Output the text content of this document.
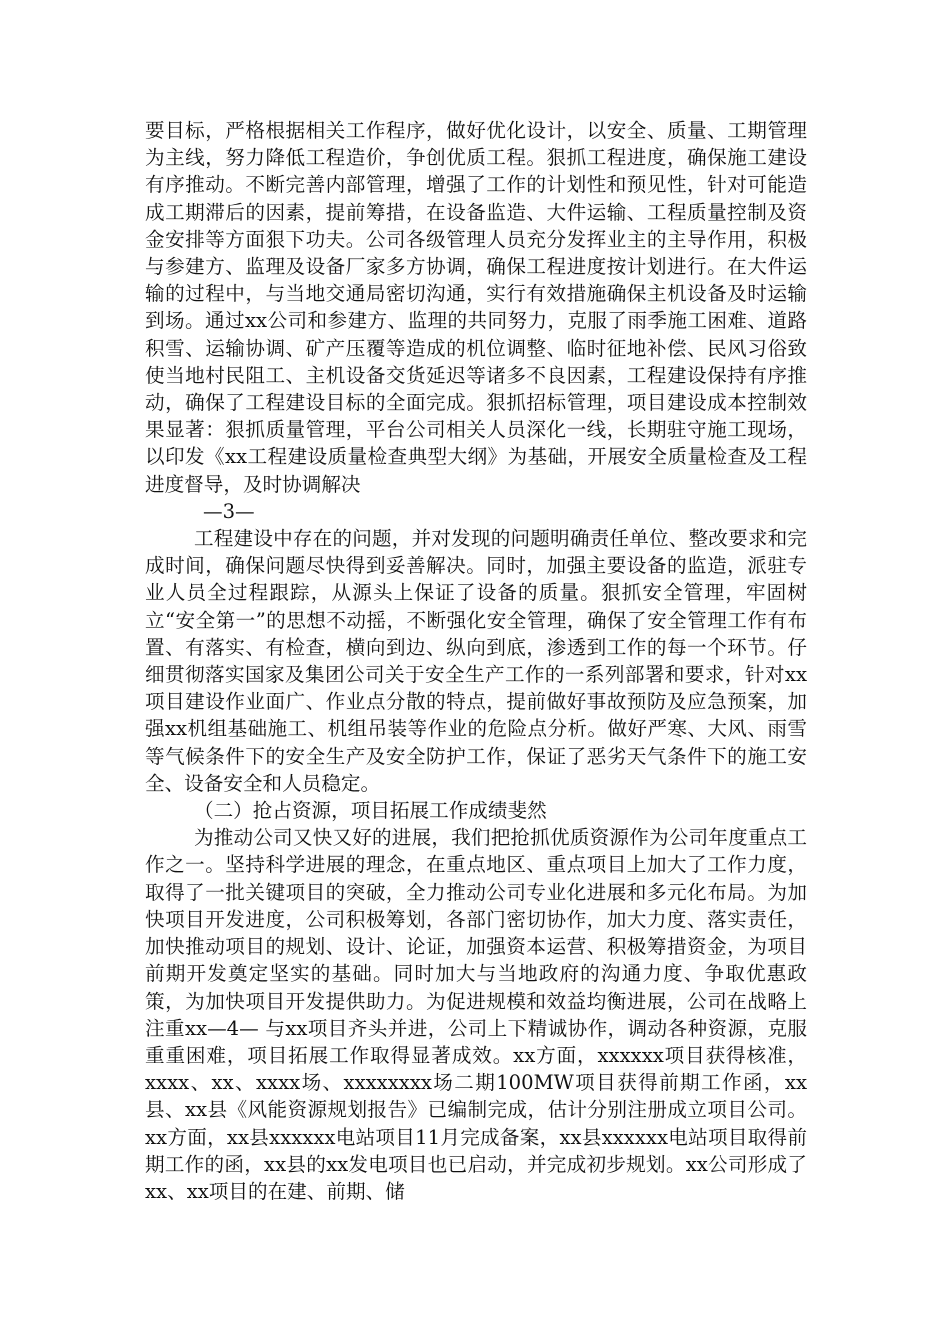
要目标，严格根据相关工作程序，做好优化设计，以安全、质量、工期管理为主线，努力降低工程造价，争创优质工程。狠抓工程进度，确保施工建设有序推动。不断完善内部管理，增强了工作的计划性和预见性，针对可能造成工期滞后的因素，提前筹措，在设备监造、大件运输、工程质量控制及资金安排等方面狠下功夫。公司各级管理人员充分发挥业主的主导作用，积极与参建方、监理及设备厂家多方协调，确保工程进度按计划进行。在大件运输的过程中，与当地交通局密切沟通，实行有效措施确保主机设备及时运输到场。通过xx公司和参建方、监理的共同努力，克服了雨季施工困难、道路积雪、运输协调、矿产压覆等造成的机位调整、临时征地补偿、民风习俗致使当地村民阻工、主机设备交货延迟等诸多不良因素，工程建设保持有序推动，确保了工程建设目标的全面完成。狠抓招标管理，项目建设成本控制效果显著：狠抓质量管理，平台公司相关人员深化一线，长期驻守施工现场，以印发《xx工程建设质量检查典型大纲》为基础，开展安全质量检查及工程进度督导，及时协调解决

—3—

工程建设中存在的问题，并对发现的问题明确责任单位、整改要求和完成时间，确保问题尽快得到妥善解决。同时，加强主要设备的监造，派驻专业人员全过程跟踪，从源头上保证了设备的质量。狠抓安全管理，牢固树立“安全第一”的思想不动摇，不断强化安全管理，确保了安全管理工作有布置、有落实、有检查，横向到边、纵向到底，渗透到工作的每一个环节。仔细贯彻落实国家及集团公司关于安全生产工作的一系列部署和要求，针对xx项目建设作业面广、作业点分散的特点，提前做好事故预防及应急预案，加强xx机组基础施工、机组吊装等作业的危险点分析。做好严寒、大风、雨雪等气候条件下的安全生产及安全防护工作，保证了恶劣天气条件下的施工安全、设备安全和人员稳定。

（二）抢占资源，项目拓展工作成绩斐然

为推动公司又快又好的进展，我们把抢抓优质资源作为公司年度重点工作之一。坚持科学进展的理念，在重点地区、重点项目上加大了工作力度，取得了一批关键项目的突破，全力推动公司专业化进展和多元化布局。为加快项目开发进度，公司积极筹划，各部门密切协作，加大力度、落实责任，加快推动项目的规划、设计、论证，加强资本运营、积极筹措资金，为项目前期开发奠定坚实的基础。同时加大与当地政府的沟通力度、争取优惠政策，为加快项目开发提供助力。为促进规模和效益均衡进展，公司在战略上注重xx—4— 与xx项目齐头并进，公司上下精诚协作，调动各种资源，克服重重困难，项目拓展工作取得显著成效。xx方面，xxxxxx项目获得核准，xxxx、xx、xxxx场、xxxxxxxx场二期100MW项目获得前期工作函，xx县、xx县《风能资源规划报告》已编制完成，估计分别注册成立项目公司。xx方面，xx县xxxxxx电站项目11月完成备案，xx县xxxxxx电站项目取得前期工作的函，xx县的xx发电项目也已启动，并完成初步规划。xx公司形成了xx、xx项目的在建、前期、储
